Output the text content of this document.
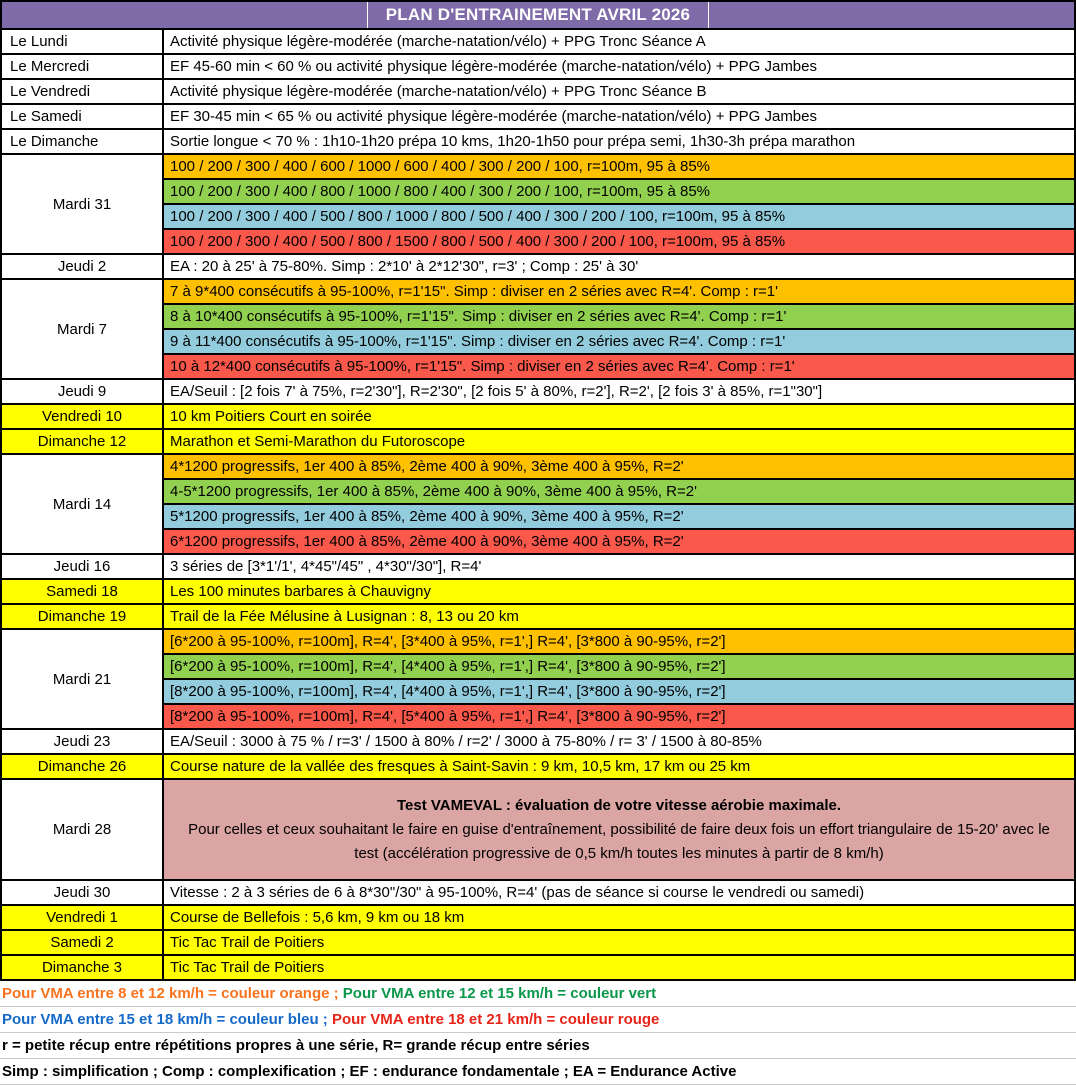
PLAN D'ENTRAINEMENT AVRIL 2026	
Le Lundi	Activité physique légère-modérée (marche-natation/vélo) + PPG Tronc Séance A
Le Mercredi	EF 45-60 min < 60 % ou activité physique légère-modérée (marche-natation/vélo) + PPG Jambes
Le Vendredi	Activité physique légère-modérée (marche-natation/vélo) + PPG Tronc Séance B
Le Samedi	EF 30-45 min < 65 % ou activité physique légère-modérée (marche-natation/vélo) + PPG Jambes
Le Dimanche	Sortie longue < 70 % : 1h10-1h20 prépa 10 kms, 1h20-1h50 pour prépa semi, 1h30-3h prépa marathon
Mardi 31	100 / 200 / 300 / 400 / 600 / 1000 / 600 / 400 / 300 / 200 / 100, r=100m, 95 à 85%
	100 / 200 / 300 / 400 / 800 / 1000 / 800 / 400 / 300 / 200 / 100, r=100m, 95 à 85%
	100 / 200 / 300 / 400 / 500 / 800 / 1000 / 800 / 500 / 400 / 300 / 200 / 100, r=100m, 95 à 85%
	100 / 200 / 300 / 400 / 500 / 800 / 1500 / 800 / 500 / 400 / 300 / 200 / 100, r=100m, 95 à 85%
Jeudi 2	EA : 20 à 25' à 75-80%. Simp : 2*10' à 2*12'30", r=3' ; Comp : 25' à 30'
Mardi 7	7 à 9*400 consécutifs à 95-100%, r=1'15". Simp : diviser en 2 séries avec R=4'. Comp : r=1'
	8 à 10*400 consécutifs à 95-100%, r=1'15". Simp : diviser en 2 séries avec R=4'. Comp : r=1'
	9 à 11*400 consécutifs à 95-100%, r=1'15". Simp : diviser en 2 séries avec R=4'. Comp : r=1'
	10 à 12*400 consécutifs à 95-100%, r=1'15". Simp : diviser en 2 séries avec R=4'. Comp : r=1'
Jeudi 9	EA/Seuil : [2 fois 7' à 75%, r=2'30"], R=2'30", [2 fois 5' à 80%, r=2'], R=2', [2 fois 3' à 85%, r=1"30"]
Vendredi 10	10 km Poitiers Court en soirée
Dimanche 12	Marathon et Semi-Marathon du Futoroscope
Mardi 14	4*1200 progressifs, 1er 400 à 85%, 2ème 400 à 90%, 3ème 400 à 95%, R=2'
	4-5*1200 progressifs, 1er 400 à 85%, 2ème 400 à 90%, 3ème 400 à 95%, R=2'
	5*1200 progressifs, 1er 400 à 85%, 2ème 400 à 90%, 3ème 400 à 95%, R=2'
	6*1200 progressifs, 1er 400 à 85%, 2ème 400 à 90%, 3ème 400 à 95%, R=2'
Jeudi 16	3 séries de [3*1'/1', 4*45"/45" , 4*30"/30"], R=4'
Samedi 18	Les 100 minutes barbares à Chauvigny
Dimanche 19	Trail de la Fée Mélusine à Lusignan : 8, 13 ou 20 km
Mardi 21	[6*200 à 95-100%, r=100m], R=4', [3*400 à 95%, r=1',] R=4', [3*800 à 90-95%, r=2']
	[6*200 à 95-100%, r=100m], R=4', [4*400 à 95%, r=1',] R=4', [3*800 à 90-95%, r=2']
	[8*200 à 95-100%, r=100m], R=4', [4*400 à 95%, r=1',] R=4', [3*800 à 90-95%, r=2']
	[8*200 à 95-100%, r=100m], R=4', [5*400 à 95%, r=1',] R=4', [3*800 à 90-95%, r=2']
Jeudi 23	EA/Seuil : 3000 à 75 % / r=3' / 1500 à 80% / r=2' / 3000 à 75-80% / r= 3' / 1500 à 80-85%
Dimanche 26	Course nature de la vallée des fresques à Saint-Savin : 9 km, 10,5 km, 17 km ou 25 km
Mardi 28	Test VAMEVAL : évaluation de votre vitesse aérobie maximale.
Pour celles et ceux souhaitant le faire en guise d'entraînement, possibilité de faire deux fois un effort triangulaire de 15-20' avec le test (accélération progressive de 0,5 km/h toutes les minutes à partir de 8 km/h)
Jeudi 30	Vitesse : 2 à 3 séries de 6 à 8*30"/30" à 95-100%, R=4' (pas de séance si course le vendredi ou samedi)
Vendredi 1	Course de Bellefois : 5,6 km, 9 km ou 18 km
Samedi 2	Tic Tac Trail de Poitiers
Dimanche 3	Tic Tac Trail de Poitiers
Pour VMA entre 8 et 12 km/h = couleur orange ; Pour VMA entre 12 et 15 km/h = couleur vert
Pour VMA entre 15 et 18 km/h = couleur bleu ; Pour VMA entre 18 et 21 km/h = couleur rouge
r = petite récup entre répétitions propres à une série, R= grande récup entre séries
Simp : simplification ; Comp : complexification ; EF : endurance fondamentale ; EA = Endurance Active
